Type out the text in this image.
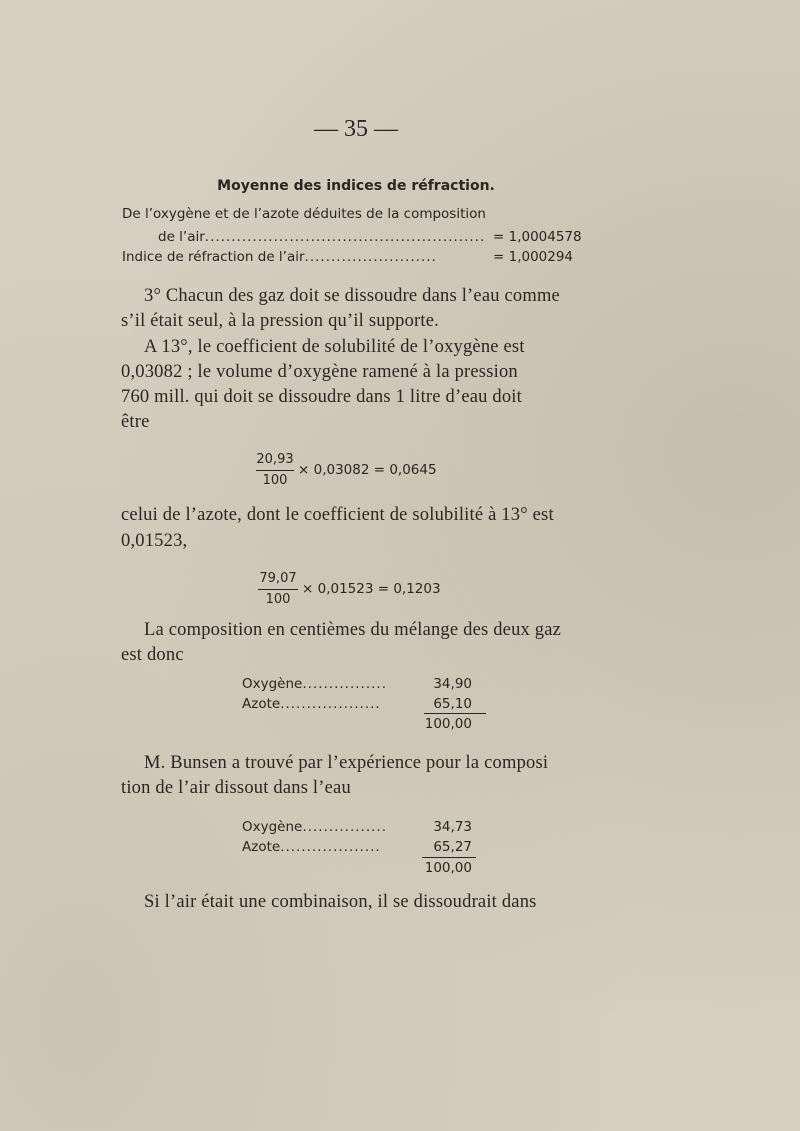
— 35 —
Moyenne des indices de réfraction.
De l’oxygène et de l’azote déduites de la composition
de l’air..................................................... = 1,0004578
Indice de réfraction de l’air.........................	= 1,000294
3° Chacun des gaz doit se dissoudre dans l’eau comme
s’il était seul, à la pression qu’il supporte.
A 13°, le coefficient de solubilité de l’oxygène est
0,03082 ; le volume d’oxygène ramené à la pression
760 mill. qui doit se dissoudre dans 1 litre d’eau doit
être
20,93
100
× 0,03082 = 0,0645
celui de l’azote, dont le coefficient de solubilité à 13° est
0,01523,
79,07
100
× 0,01523 = 0,1203
La composition en centièmes du mélange des deux gaz
est donc
Oxygène................	34,90
Azote...................	65,10
100,00
M. Bunsen a trouvé par l’expérience pour la composi
tion de l’air dissout dans l’eau
Oxygène................	34,73
Azote...................	65,27
100,00
Si l’air était une combinaison, il se dissoudrait dans
